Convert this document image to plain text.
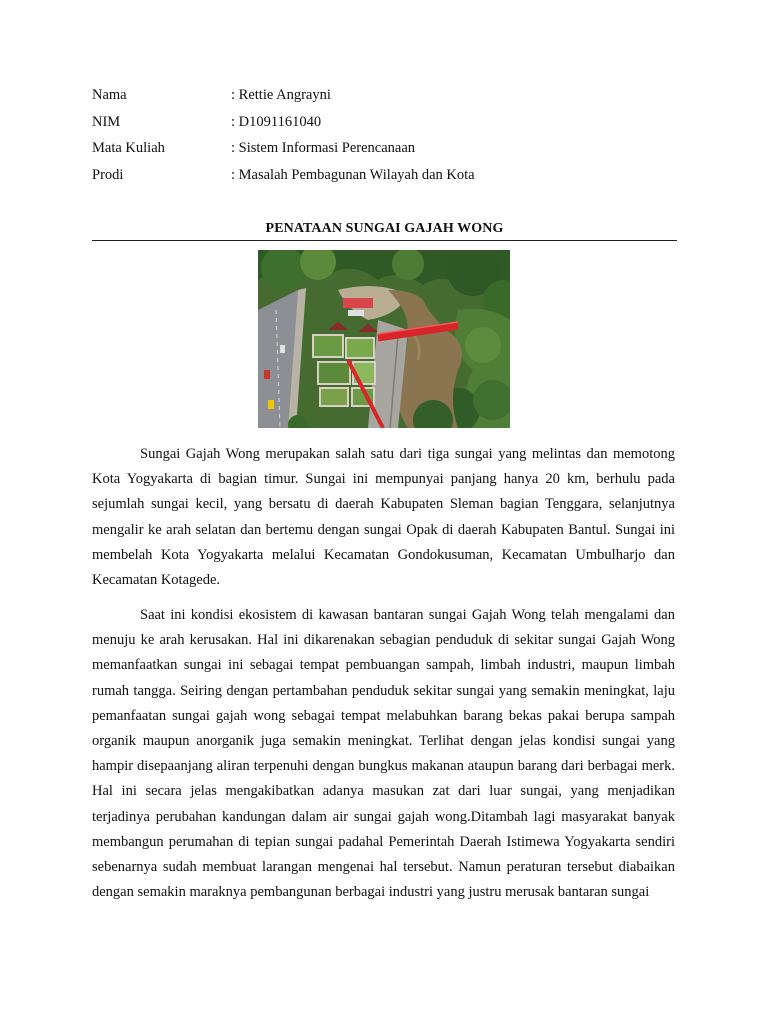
Nama	: Rettie Angrayni
NIM	: D1091161040
Mata Kuliah	: Sistem Informasi Perencanaan
Prodi	: Masalah Pembagunan Wilayah dan Kota
PENATAAN SUNGAI GAJAH WONG

Sungai Gajah Wong merupakan salah satu dari tiga sungai yang melintas dan memotong Kota Yogyakarta di bagian timur. Sungai ini mempunyai panjang hanya 20 km, berhulu pada sejumlah sungai kecil, yang bersatu di daerah Kabupaten Sleman bagian Tenggara, selanjutnya mengalir ke arah selatan dan bertemu dengan sungai Opak di daerah Kabupaten Bantul. Sungai ini membelah Kota Yogyakarta melalui Kecamatan Gondokusuman, Kecamatan Umbulharjo dan Kecamatan Kotagede.

Saat ini kondisi ekosistem di kawasan bantaran sungai Gajah Wong telah mengalami dan menuju ke arah kerusakan. Hal ini dikarenakan sebagian penduduk di sekitar sungai Gajah Wong memanfaatkan sungai ini sebagai tempat pembuangan sampah, limbah industri, maupun limbah rumah tangga. Seiring dengan pertambahan penduduk sekitar sungai yang semakin meningkat, laju pemanfaatan sungai gajah wong sebagai tempat melabuhkan barang bekas pakai berupa sampah organik maupun anorganik juga semakin meningkat. Terlihat dengan jelas kondisi sungai yang hampir disepaanjang aliran terpenuhi dengan bungkus makanan ataupun barang dari berbagai merk. Hal ini secara jelas mengakibatkan adanya masukan zat dari luar sungai, yang menjadikan terjadinya perubahan kandungan dalam air sungai gajah wong.Ditambah lagi masyarakat banyak membangun perumahan di tepian sungai padahal Pemerintah Daerah Istimewa Yogyakarta sendiri sebenarnya sudah membuat larangan mengenai hal tersebut. Namun peraturan tersebut diabaikan dengan semakin maraknya pembangunan berbagai industri yang justru merusak bantaran sungai
